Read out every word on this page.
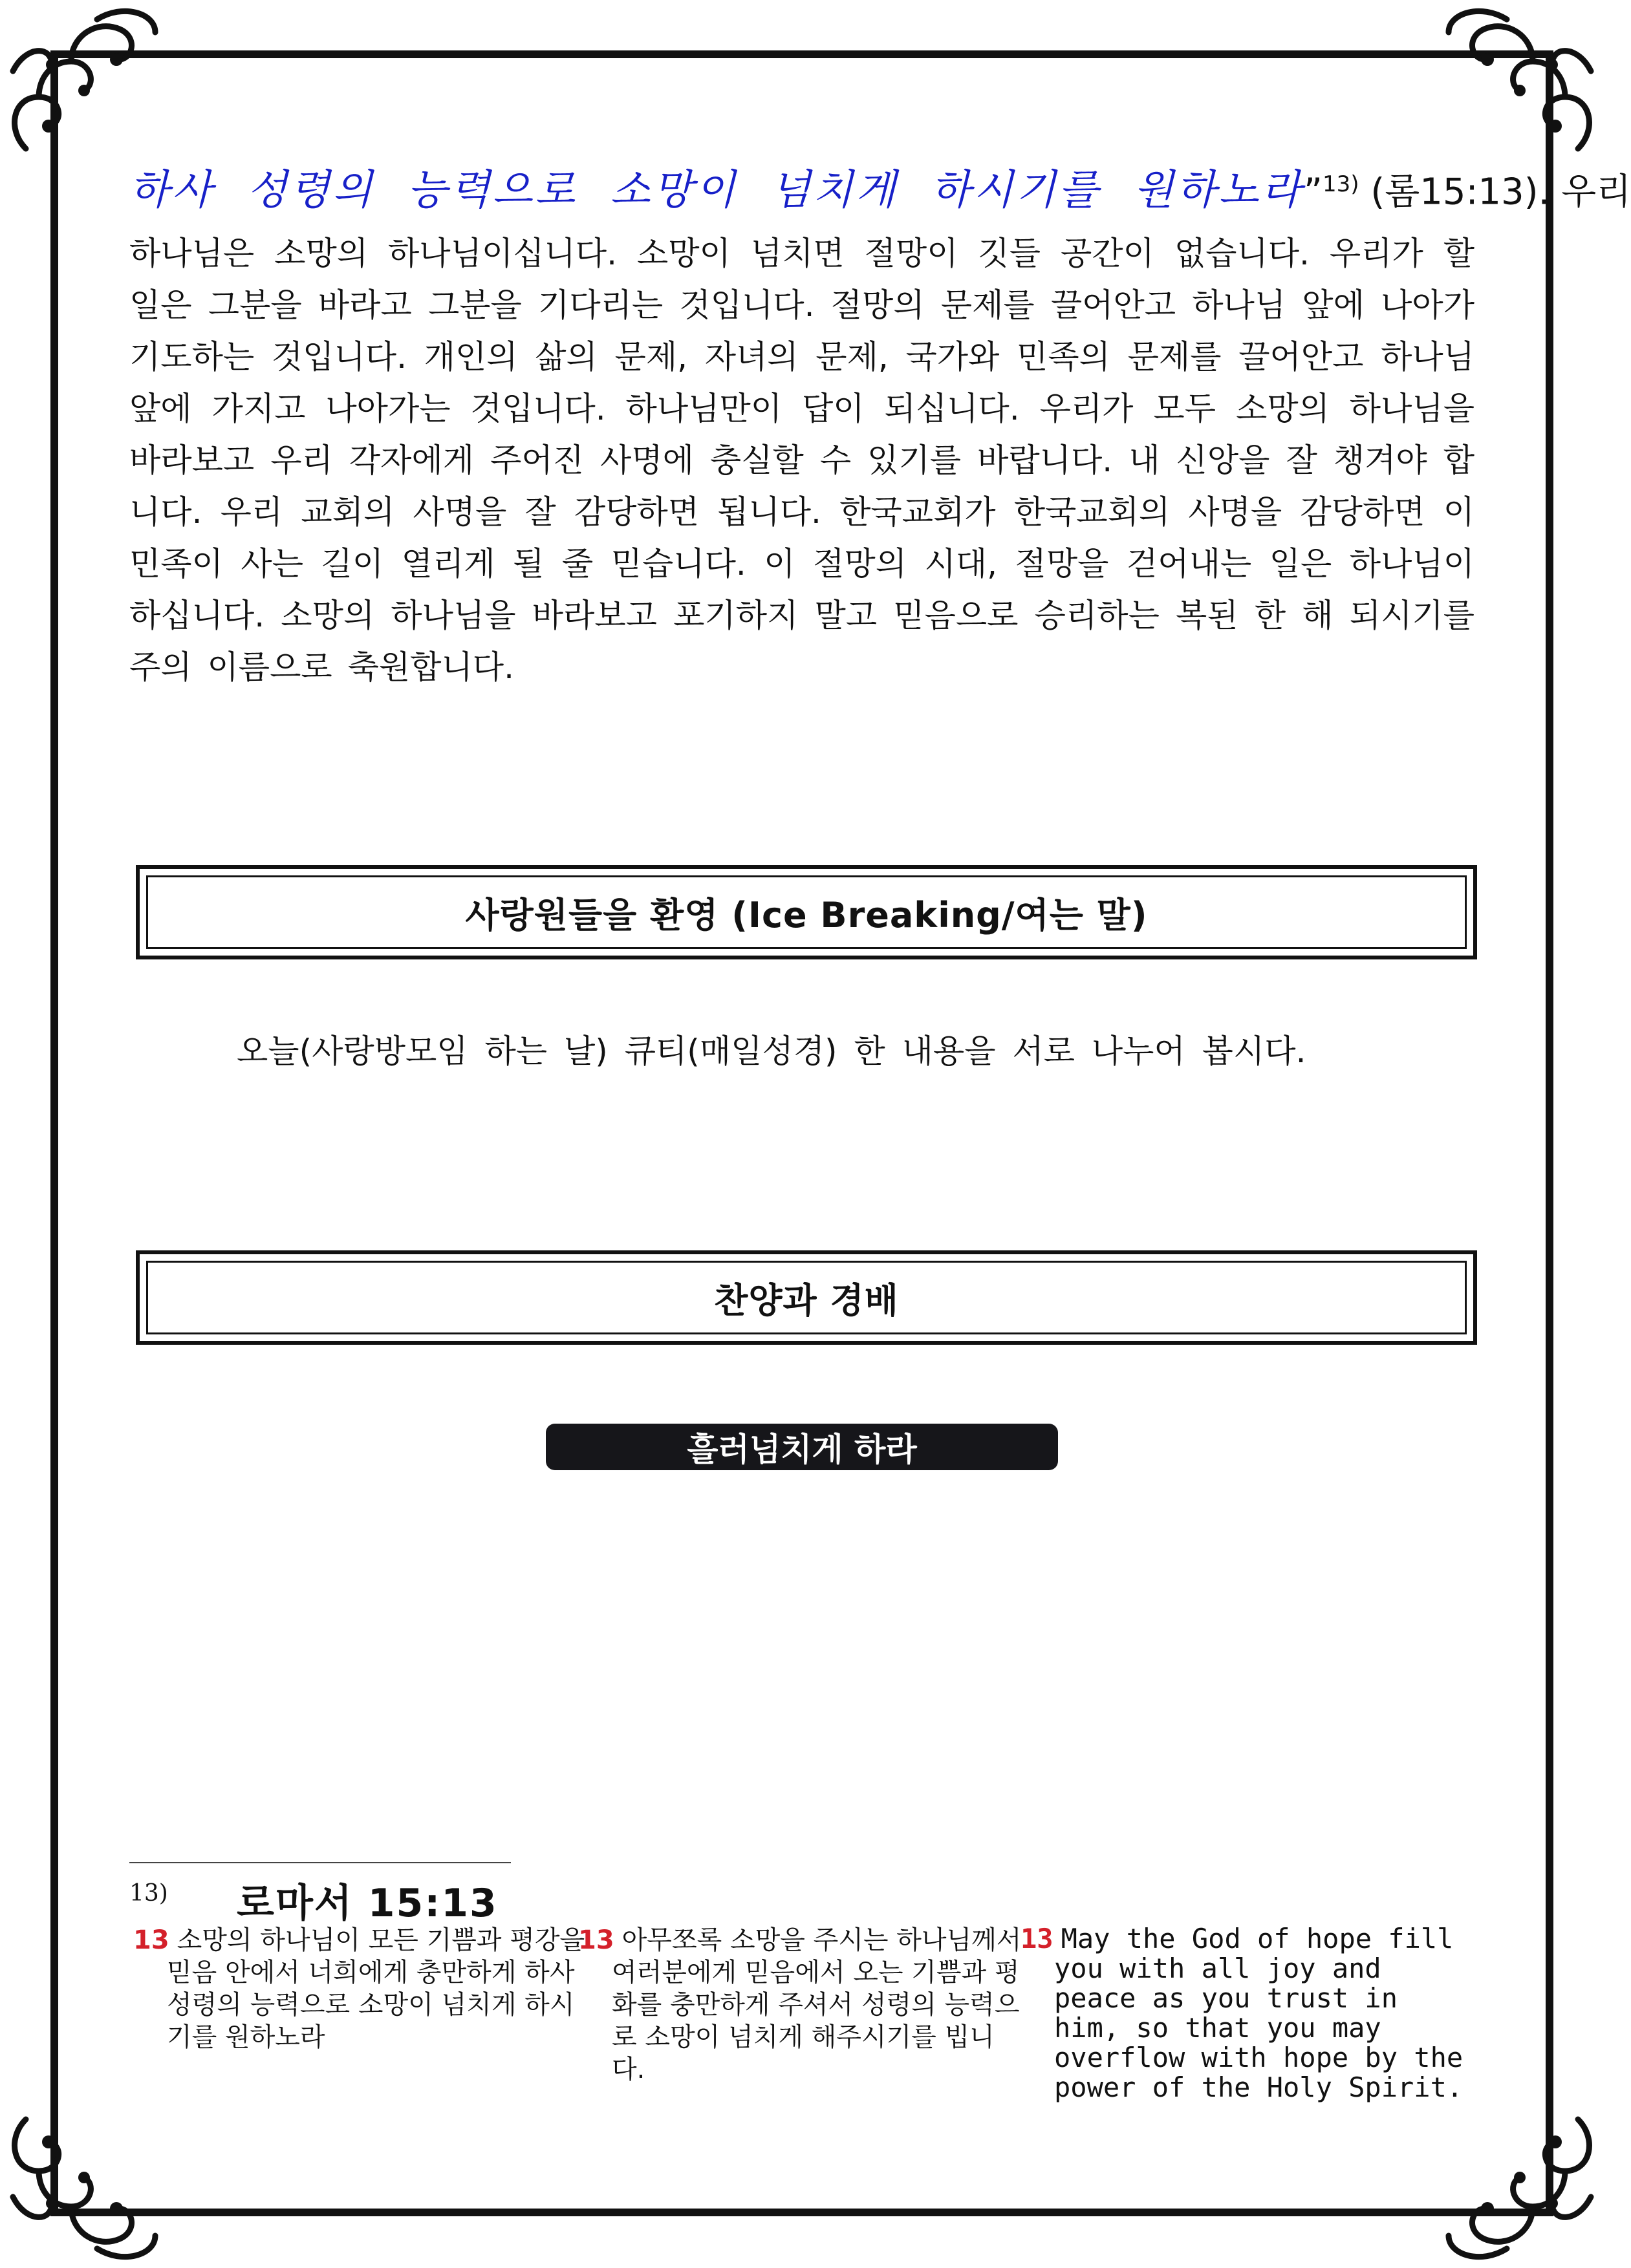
하사 성령의 능력으로 소망이 넘치게 하시기를 원하노라”$^{13)}$ (롬15:13). 우리
하나님은 소망의 하나님이십니다. 소망이 넘치면 절망이 깃들 공간이 없습니다. 우리가 할 일은 그분을 바라고 그분을 기다리는 것입니다. 절망의 문제를 끌어안고 하나님 앞에 나아가 기도하는 것입니다. 개인의 삶의 문제, 자녀의 문제, 국가와 민족의 문제를 끌어안고 하나님 앞에 가지고 나아가는 것입니다. 하나님만이 답이 되십니다. 우리가 모두 소망의 하나님을 바라보고 우리 각자에게 주어진 사명에 충실할 수 있기를 바랍니다. 내 신앙을 잘 챙겨야 합니다. 우리 교회의 사명을 잘 감당하면 됩니다. 한국교회가 한국교회의 사명을 감당하면 이 민족이 사는 길이 열리게 될 줄 믿습니다. 이 절망의 시대, 절망을 걷어내는 일은 하나님이 하십니다. 소망의 하나님을 바라보고 포기하지 말고 믿음으로 승리하는 복된 한 해 되시기를 주의 이름으로 축원합니다.
사랑원들을 환영 (Ice Breaking/여는 말)
오늘(사랑방모임 하는 날) 큐티(매일성경) 한 내용을 서로 나누어 봅시다.
찬양과 경배
흘러넘치게 하라
13) 로마서 15:13
13 소망의 하나님이 모든 기쁨과 평강을 믿음 안에서 너희에게 충만하게 하사 성령의 능력으로 소망이 넘치게 하시기를 원하노라
13 아무쪼록 소망을 주시는 하나님께서 여러분에게 믿음에서 오는 기쁨과 평화를 충만하게 주셔서 성령의 능력으로 소망이 넘치게 해주시기를 빕니다.
13 May the God of hope fill you with all joy and peace as you trust in him, so that you may overflow with hope by the power of the Holy Spirit.
